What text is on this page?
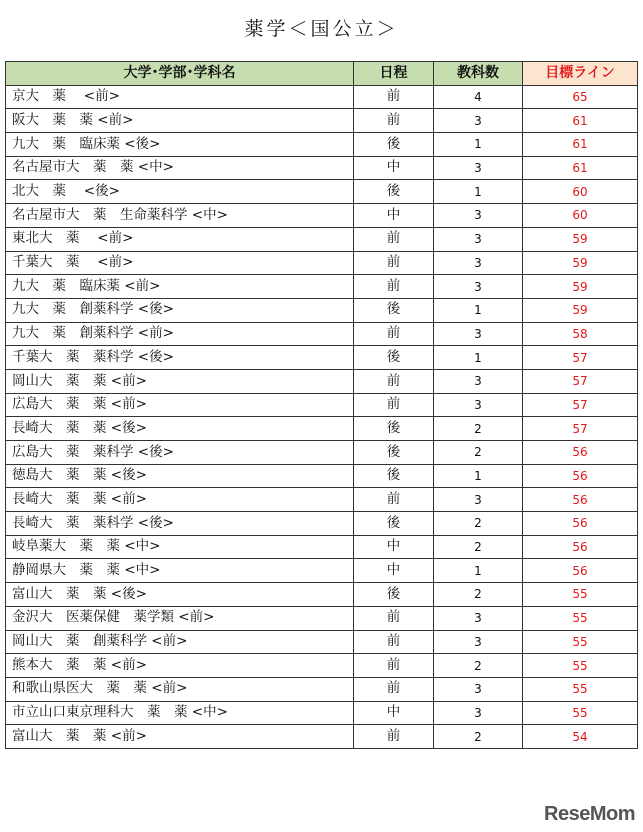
薬学＜国公立＞
大学･学部･学科名	日程	教科数	目標ライン
京大　薬　 <前>	前	4	65
阪大　薬　薬 <前>	前	3	61
九大　薬　臨床薬 <後>	後	1	61
名古屋市大　薬　薬 <中>	中	3	61
北大　薬　 <後>	後	1	60
名古屋市大　薬　生命薬科学 <中>	中	3	60
東北大　薬　 <前>	前	3	59
千葉大　薬　 <前>	前	3	59
九大　薬　臨床薬 <前>	前	3	59
九大　薬　創薬科学 <後>	後	1	59
九大　薬　創薬科学 <前>	前	3	58
千葉大　薬　薬科学 <後>	後	1	57
岡山大　薬　薬 <前>	前	3	57
広島大　薬　薬 <前>	前	3	57
長崎大　薬　薬 <後>	後	2	57
広島大　薬　薬科学 <後>	後	2	56
徳島大　薬　薬 <後>	後	1	56
長崎大　薬　薬 <前>	前	3	56
長崎大　薬　薬科学 <後>	後	2	56
岐阜薬大　薬　薬 <中>	中	2	56
静岡県大　薬　薬 <中>	中	1	56
富山大　薬　薬 <後>	後	2	55
金沢大　医薬保健　薬学類 <前>	前	3	55
岡山大　薬　創薬科学 <前>	前	3	55
熊本大　薬　薬 <前>	前	2	55
和歌山県医大　薬　薬 <前>	前	3	55
市立山口東京理科大　薬　薬 <中>	中	3	55
富山大　薬　薬 <前>	前	2	54
ReseMom
